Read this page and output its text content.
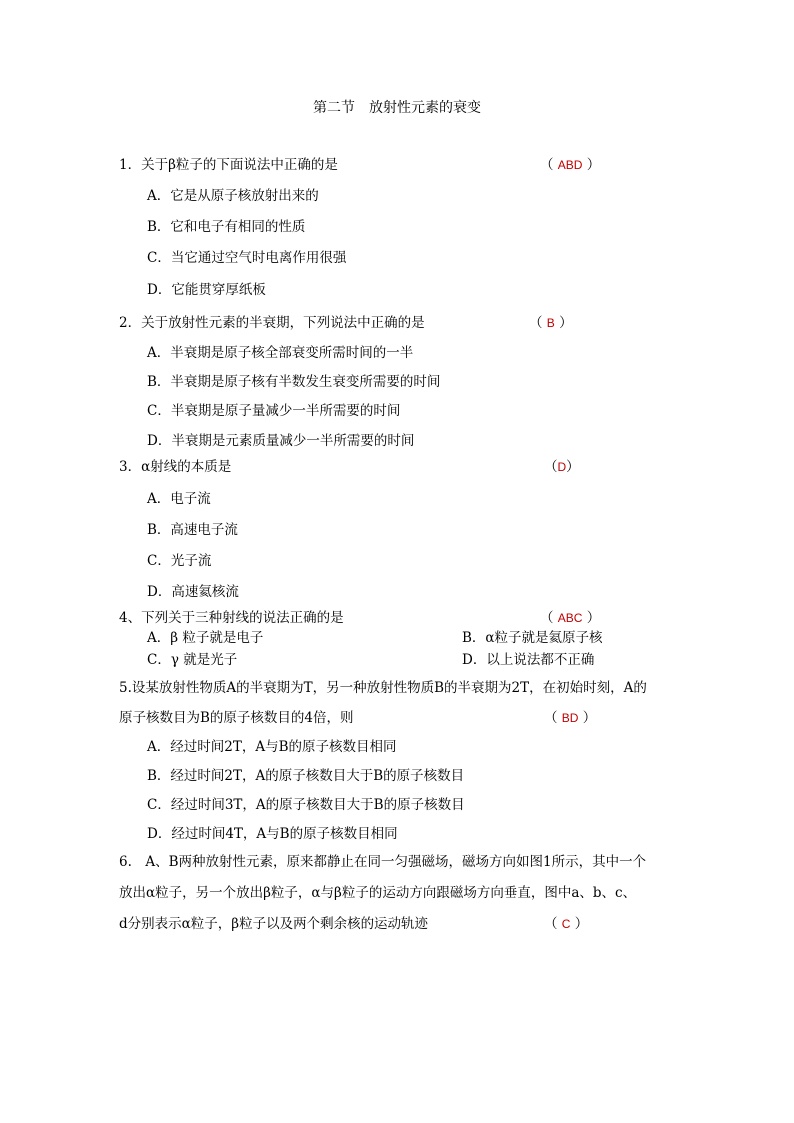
第二节　放射性元素的衰变
1．关于β粒子的下面说法中正确的是	（ ABD ）
A．它是从原子核放射出来的
B．它和电子有相同的性质
C．当它通过空气时电离作用很强
D．它能贯穿厚纸板
2．关于放射性元素的半衰期，下列说法中正确的是	（ B ）
A．半衰期是原子核全部衰变所需时间的一半
B．半衰期是原子核有半数发生衰变所需要的时间
C．半衰期是原子量减少一半所需要的时间
D．半衰期是元素质量减少一半所需要的时间
3．α射线的本质是	（D）
A．电子流
B．高速电子流
C．光子流
D．高速氦核流
4、下列关于三种射线的说法正确的是	（ ABC ）
A．β 粒子就是电子	B．α粒子就是氦原子核
C．γ 就是光子	D．以上说法都不正确
5.设某放射性物质A的半衰期为T，另一种放射性物质B的半衰期为2T，在初始时刻，A的
原子核数目为B的原子核数目的4倍，则	（ BD ）
A．经过时间2T，A与B的原子核数目相同
B．经过时间2T，A的原子核数目大于B的原子核数目
C．经过时间3T，A的原子核数目大于B的原子核数目
D．经过时间4T，A与B的原子核数目相同
6.　A、B两种放射性元素，原来都静止在同一匀强磁场，磁场方向如图1所示，其中一个
放出α粒子，另一个放出β粒子，α与β粒子的运动方向跟磁场方向垂直，图中a、b、c、
d分别表示α粒子，β粒子以及两个剩余核的运动轨迹	（ C ）
